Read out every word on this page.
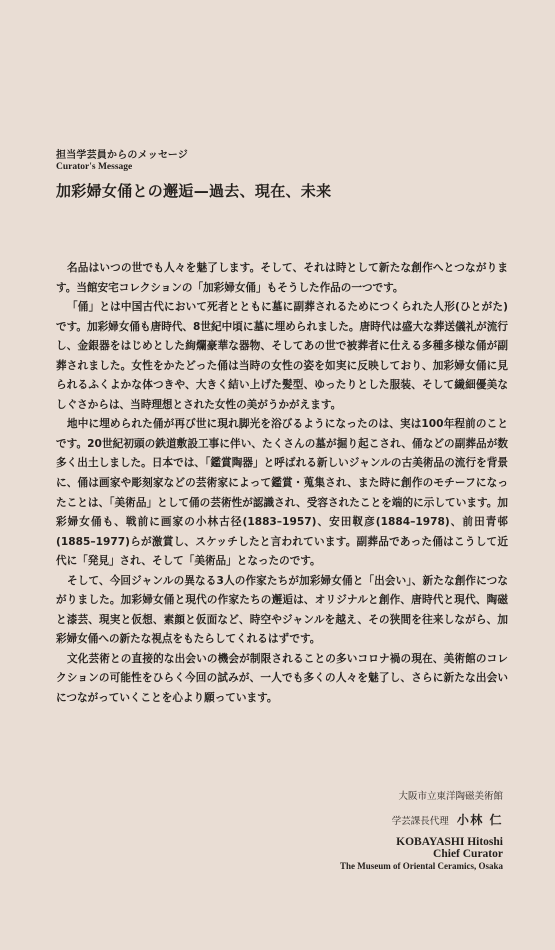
担当学芸員からのメッセージ
Curator's Message
加彩婦女俑との邂逅—過去、現在、未来

名品はいつの世でも人々を魅了します。そして、それは時として新たな創作へとつながります。当館安宅コレクションの「加彩婦女俑」もそうした作品の一つです。

「俑」とは中国古代において死者とともに墓に副葬されるためにつくられた人形(ひとがた)です。加彩婦女俑も唐時代、8世紀中頃に墓に埋められました。唐時代は盛大な葬送儀礼が流行し、金銀器をはじめとした絢爛豪華な器物、そしてあの世で被葬者に仕える多種多様な俑が副葬されました。女性をかたどった俑は当時の女性の姿を如実に反映しており、加彩婦女俑に見られるふくよかな体つきや、大きく結い上げた髪型、ゆったりとした服装、そして繊細優美なしぐさからは、当時理想とされた女性の美がうかがえます。

地中に埋められた俑が再び世に現れ脚光を浴びるようになったのは、実は100年程前のことです。20世紀初頭の鉄道敷設工事に伴い、たくさんの墓が掘り起こされ、俑などの副葬品が数多く出土しました。日本では、「鑑賞陶器」と呼ばれる新しいジャンルの古美術品の流行を背景に、俑は画家や彫刻家などの芸術家によって鑑賞・蒐集され、また時に創作のモチーフになったことは、「美術品」として俑の芸術性が認識され、受容されたことを端的に示しています。加彩婦女俑も、戦前に画家の小林古径(1883–1957)、安田靫彦(1884–1978)、前田青邨(1885–1977)らが激賞し、スケッチしたと言われています。副葬品であった俑はこうして近代に「発見」され、そして「美術品」となったのです。

そして、今回ジャンルの異なる3人の作家たちが加彩婦女俑と「出会い」、新たな創作につながりました。加彩婦女俑と現代の作家たちの邂逅は、オリジナルと創作、唐時代と現代、陶磁と漆芸、現実と仮想、素顔と仮面など、時空やジャンルを越え、その狭間を往来しながら、加彩婦女俑への新たな視点をもたらしてくれるはずです。

文化芸術との直接的な出会いの機会が制限されることの多いコロナ禍の現在、美術館のコレクションの可能性をひらく今回の試みが、一人でも多くの人々を魅了し、さらに新たな出会いにつながっていくことを心より願っています。

大阪市立東洋陶磁美術館
学芸課長代理 小林 仁
KOBAYASHI Hitoshi
Chief Curator
The Museum of Oriental Ceramics, Osaka
